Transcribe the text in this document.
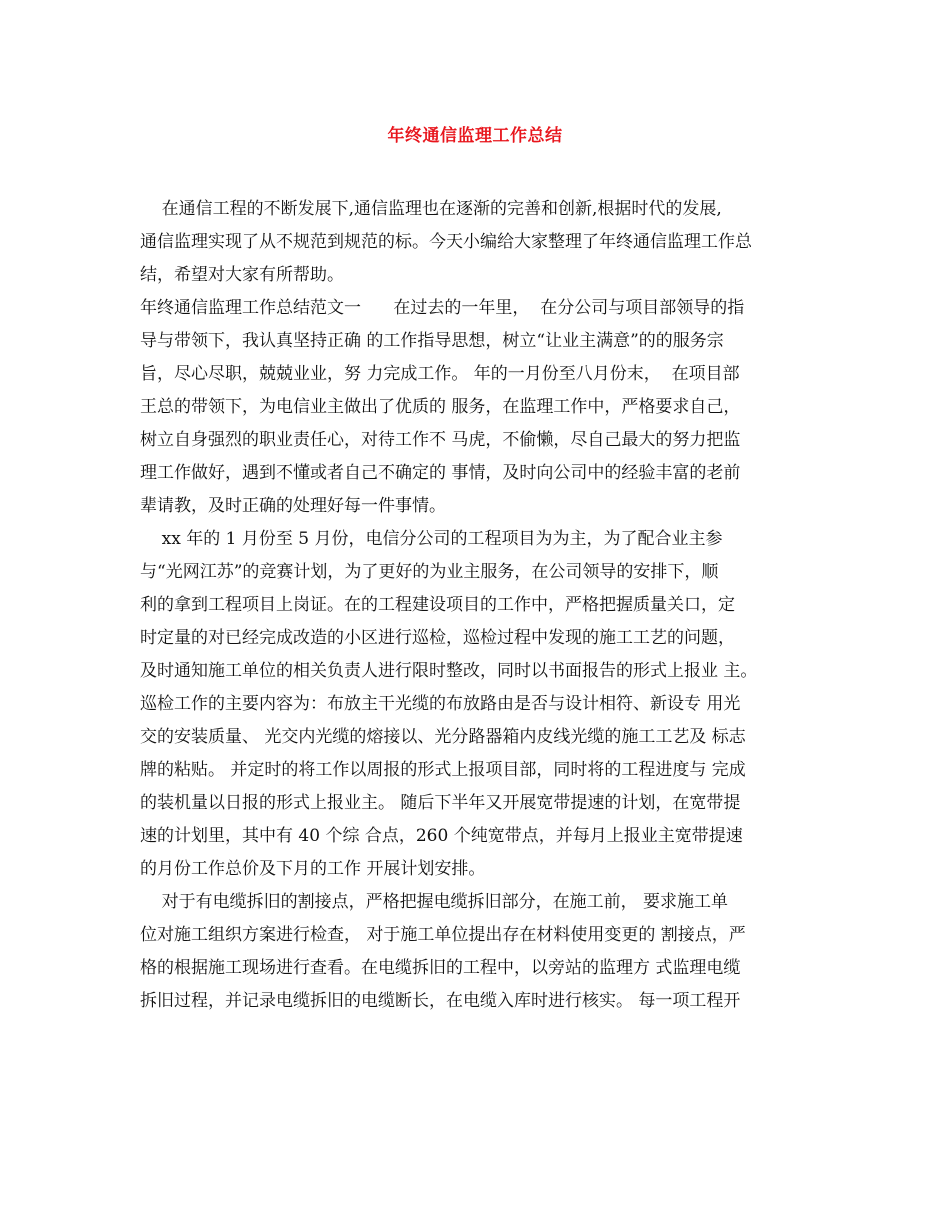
年终通信监理工作总结
在通信工程的不断发展下,通信监理也在逐渐的完善和创新,根据时代的发展,
通信监理实现了从不规范到规范的标。今天小编给大家整理了年终通信监理工作总
结，希望对大家有所帮助。
年终通信监理工作总结范文一      在过去的一年里，  在分公司与项目部领导的指
导与带领下，我认真坚持正确 的工作指导思想，树立“让业主满意”的的服务宗
旨，尽心尽职，兢兢业业，努 力完成工作。 年的一月份至八月份末，  在项目部
王总的带领下，为电信业主做出了优质的 服务，在监理工作中，严格要求自己，
树立自身强烈的职业责任心，对待工作不 马虎，不偷懒，尽自己最大的努力把监
理工作做好，遇到不懂或者自己不确定的 事情，及时向公司中的经验丰富的老前
辈请教，及时正确的处理好每一件事情。
xx 年的 1 月份至 5 月份，电信分公司的工程项目为为主，为了配合业主参
与“光网江苏”的竞赛计划，为了更好的为业主服务，在公司领导的安排下，顺
利的拿到工程项目上岗证。在的工程建设项目的工作中，严格把握质量关口，定
时定量的对已经完成改造的小区进行巡检，巡检过程中发现的施工工艺的问题，
及时通知施工单位的相关负责人进行限时整改，同时以书面报告的形式上报业 主。
巡检工作的主要内容为：布放主干光缆的布放路由是否与设计相符、新设专 用光
交的安装质量、 光交内光缆的熔接以、光分路器箱内皮线光缆的施工工艺及 标志
牌的粘贴。 并定时的将工作以周报的形式上报项目部，同时将的工程进度与 完成
的装机量以日报的形式上报业主。 随后下半年又开展宽带提速的计划，在宽带提
速的计划里，其中有 40 个综 合点，260 个纯宽带点，并每月上报业主宽带提速
的月份工作总价及下月的工作 开展计划安排。
对于有电缆拆旧的割接点，严格把握电缆拆旧部分，在施工前， 要求施工单
位对施工组织方案进行检查， 对于施工单位提出存在材料使用变更的 割接点，严
格的根据施工现场进行查看。在电缆拆旧的工程中，以旁站的监理方 式监理电缆
拆旧过程，并记录电缆拆旧的电缆断长，在电缆入库时进行核实。 每一项工程开
